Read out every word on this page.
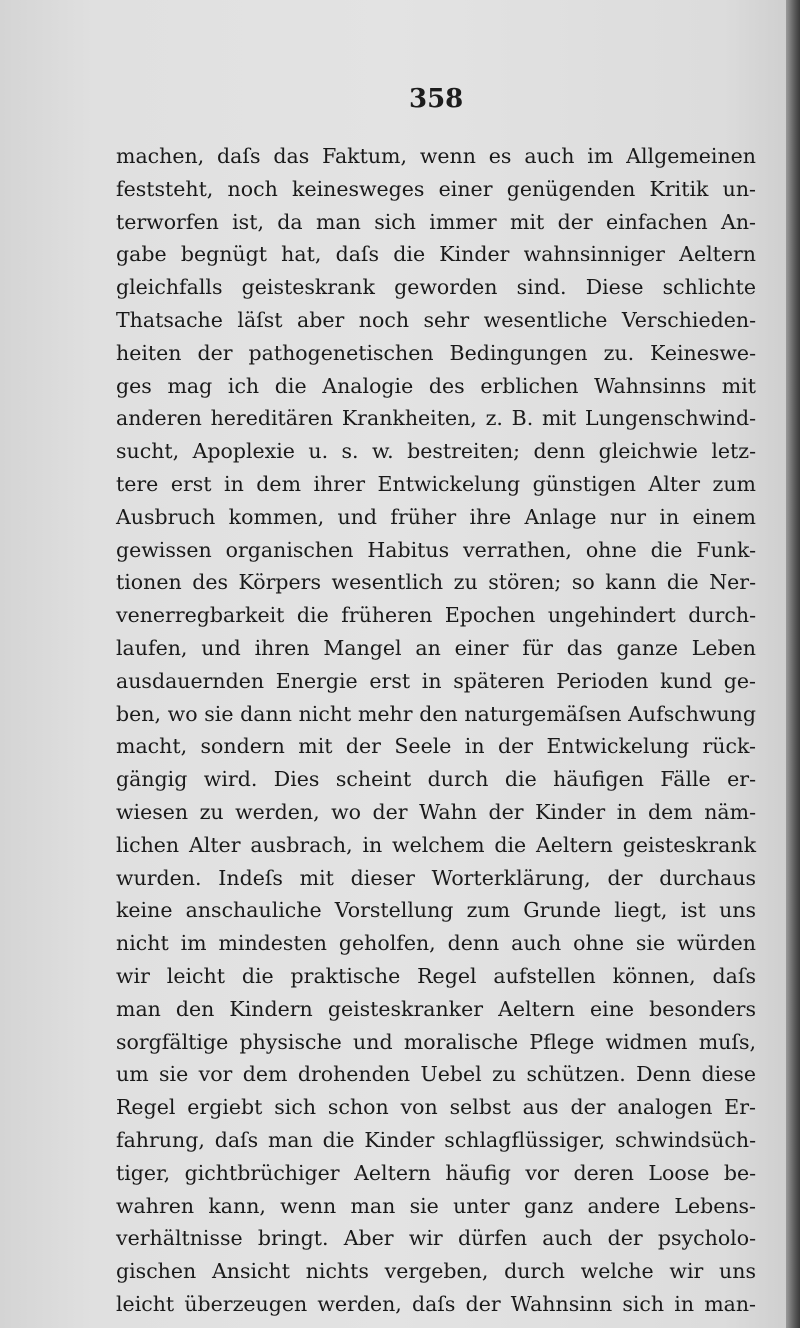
358
machen, daſs das Faktum, wenn es auch im Allgemeinen
feststeht, noch keinesweges einer genügenden Kritik un-
terworfen ist, da man sich immer mit der einfachen An-
gabe begnügt hat, daſs die Kinder wahnsinniger Aeltern
gleichfalls geisteskrank geworden sind. Diese schlichte
Thatsache läſst aber noch sehr wesentliche Verschieden-
heiten der pathogenetischen Bedingungen zu. Keineswe-
ges mag ich die Analogie des erblichen Wahnsinns mit
anderen hereditären Krankheiten, z. B. mit Lungenschwind-
sucht, Apoplexie u. s. w. bestreiten; denn gleichwie letz-
tere erst in dem ihrer Entwickelung günstigen Alter zum
Ausbruch kommen, und früher ihre Anlage nur in einem
gewissen organischen Habitus verrathen, ohne die Funk-
tionen des Körpers wesentlich zu stören; so kann die Ner-
venerregbarkeit die früheren Epochen ungehindert durch-
laufen, und ihren Mangel an einer für das ganze Leben
ausdauernden Energie erst in späteren Perioden kund ge-
ben, wo sie dann nicht mehr den naturgemäſsen Aufschwung
macht, sondern mit der Seele in der Entwickelung rück-
gängig wird. Dies scheint durch die häufigen Fälle er-
wiesen zu werden, wo der Wahn der Kinder in dem näm-
lichen Alter ausbrach, in welchem die Aeltern geisteskrank
wurden. Indeſs mit dieser Worterklärung, der durchaus
keine anschauliche Vorstellung zum Grunde liegt, ist uns
nicht im mindesten geholfen, denn auch ohne sie würden
wir leicht die praktische Regel aufstellen können, daſs
man den Kindern geisteskranker Aeltern eine besonders
sorgfältige physische und moralische Pflege widmen muſs,
um sie vor dem drohenden Uebel zu schützen. Denn diese
Regel ergiebt sich schon von selbst aus der analogen Er-
fahrung, daſs man die Kinder schlagflüssiger, schwindsüch-
tiger, gichtbrüchiger Aeltern häufig vor deren Loose be-
wahren kann, wenn man sie unter ganz andere Lebens-
verhältnisse bringt. Aber wir dürfen auch der psycholo-
gischen Ansicht nichts vergeben, durch welche wir uns
leicht überzeugen werden, daſs der Wahnsinn sich in man-
